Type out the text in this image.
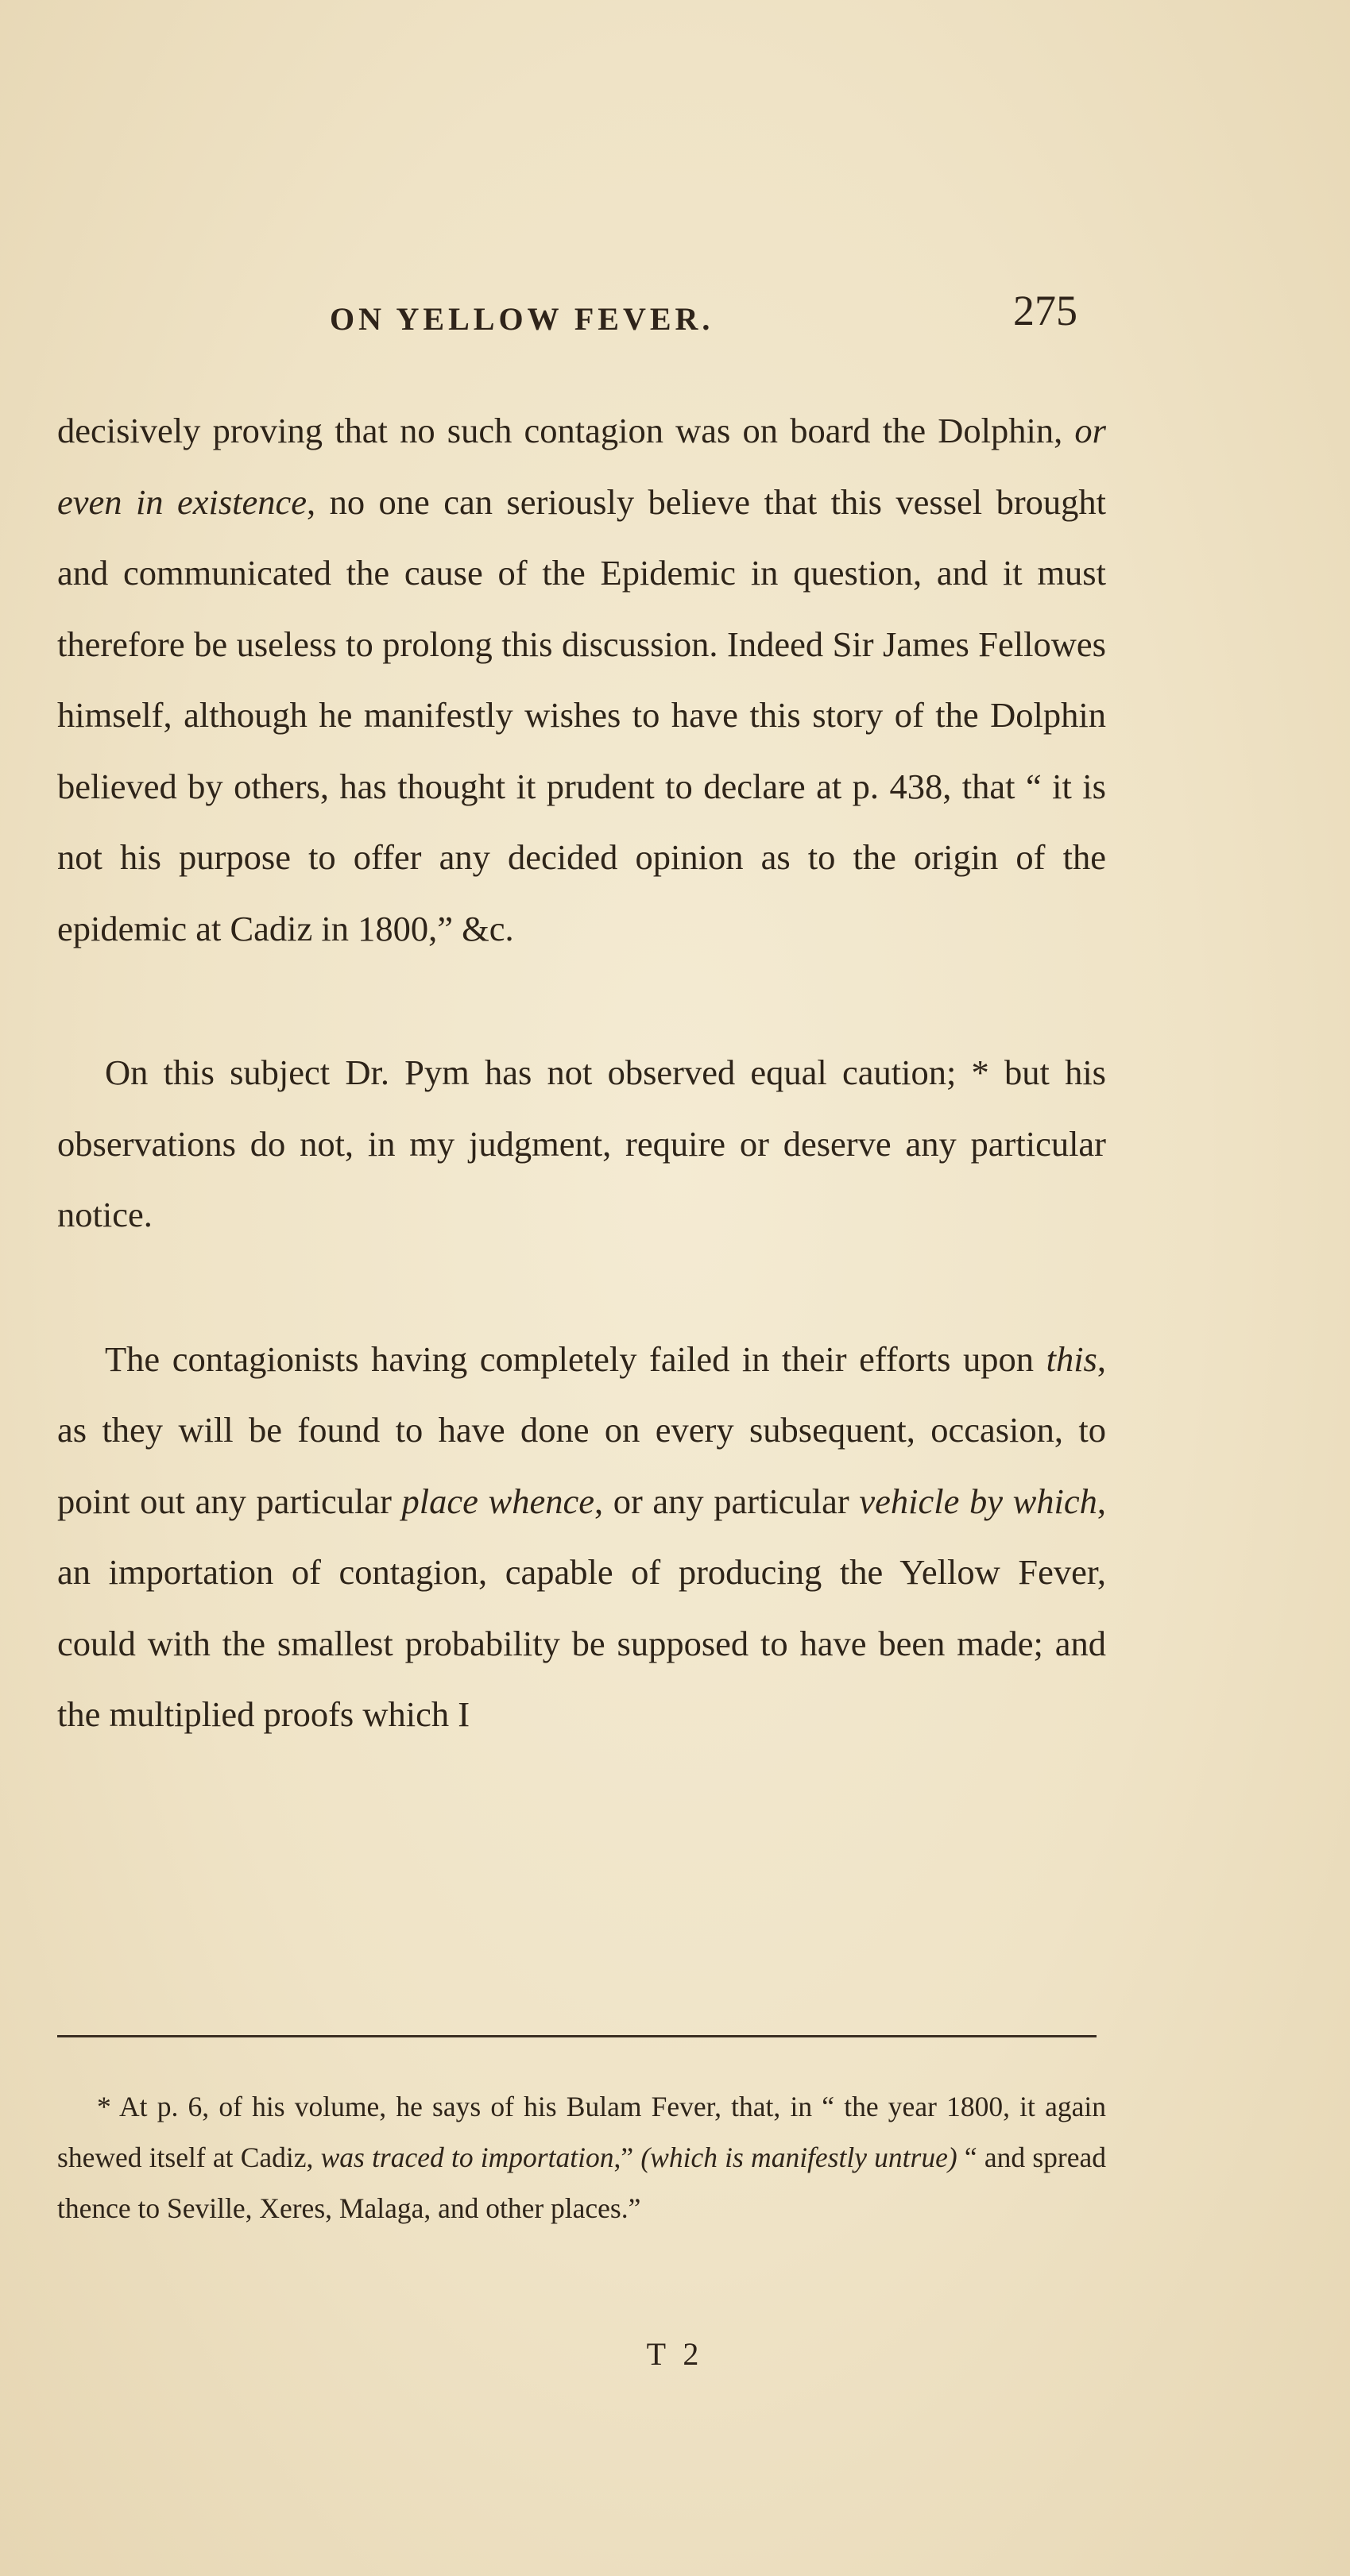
ON YELLOW FEVER.	275

decisively proving that no such contagion was on board the Dolphin, or even in existence, no one can seriously believe that this vessel brought and communicated the cause of the Epidemic in question, and it must therefore be useless to prolong this discussion. Indeed Sir James Fellowes himself, although he manifestly wishes to have this story of the Dolphin believed by others, has thought it prudent to declare at p. 438, that “ it is not his purpose to offer any decided opinion as to the origin of the epidemic at Cadiz in 1800,” &c.

On this subject Dr. Pym has not observed equal caution; * but his observations do not, in my judgment, require or deserve any particular notice.

The contagionists having completely failed in their efforts upon this, as they will be found to have done on every subsequent, occasion, to point out any particular place whence, or any particular vehicle by which, an importation of contagion, capable of producing the Yellow Fever, could with the smallest probability be supposed to have been made; and the multiplied proofs which I

* At p. 6, of his volume, he says of his Bulam Fever, that, in “ the year 1800, it again shewed itself at Cadiz, was traced to importation,” (which is manifestly untrue) “ and spread thence to Seville, Xeres, Malaga, and other places.”

T 2
